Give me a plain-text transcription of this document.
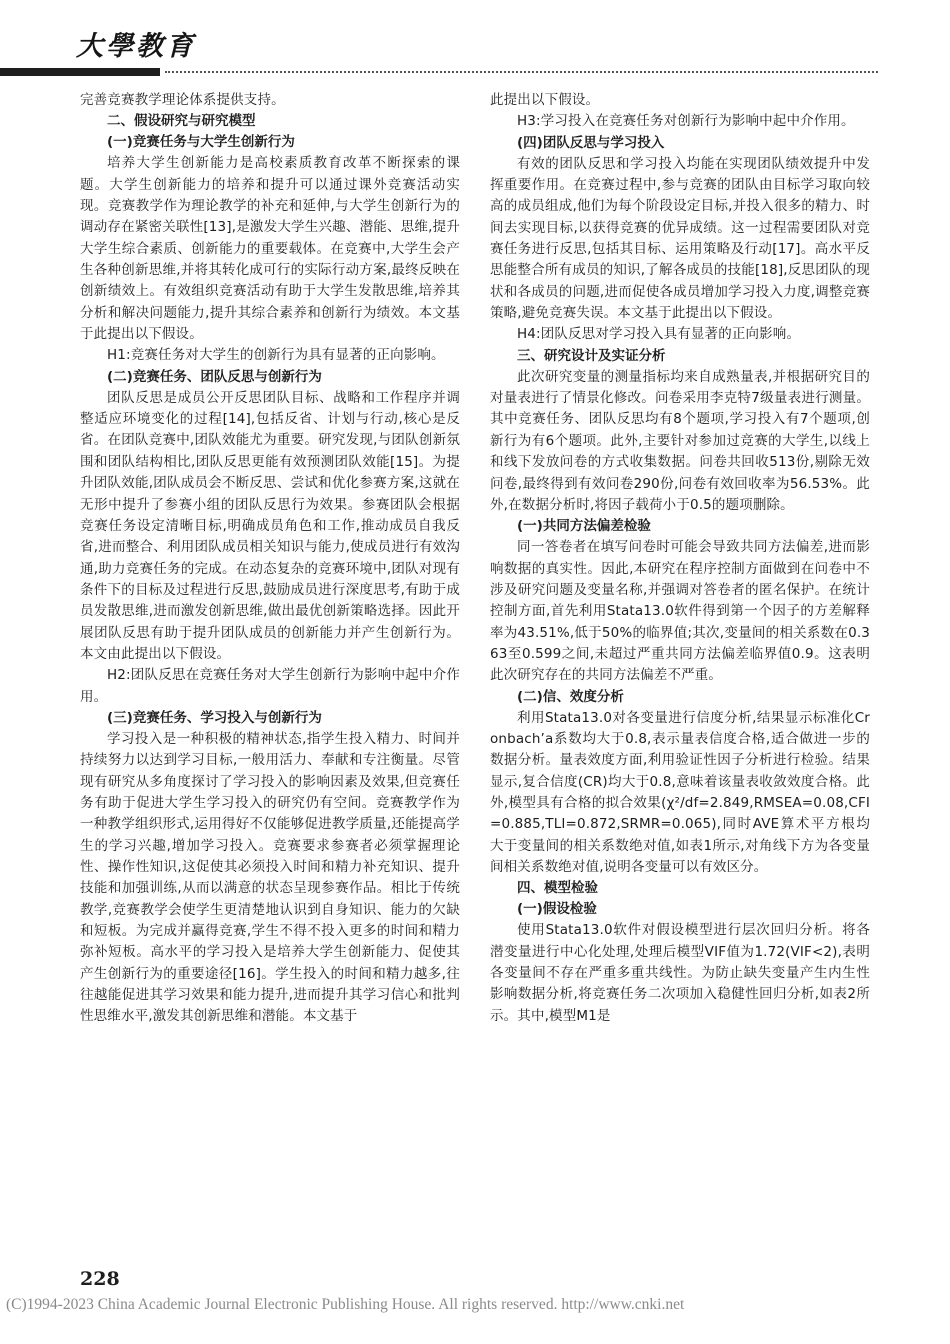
大學教育

完善竞赛教学理论体系提供支持。

二、假设研究与研究模型

(一)竞赛任务与大学生创新行为

培养大学生创新能力是高校素质教育改革不断探索的课题。大学生创新能力的培养和提升可以通过课外竞赛活动实现。竞赛教学作为理论教学的补充和延伸,与大学生创新行为的调动存在紧密关联性[13],是激发大学生兴趣、潜能、思维,提升大学生综合素质、创新能力的重要载体。在竞赛中,大学生会产生各种创新思维,并将其转化成可行的实际行动方案,最终反映在创新绩效上。有效组织竞赛活动有助于大学生发散思维,培养其分析和解决问题能力,提升其综合素养和创新行为绩效。本文基于此提出以下假设。

H1:竞赛任务对大学生的创新行为具有显著的正向影响。

(二)竞赛任务、团队反思与创新行为

团队反思是成员公开反思团队目标、战略和工作程序并调整适应环境变化的过程[14],包括反省、计划与行动,核心是反省。在团队竞赛中,团队效能尤为重要。研究发现,与团队创新氛围和团队结构相比,团队反思更能有效预测团队效能[15]。为提升团队效能,团队成员会不断反思、尝试和优化参赛方案,这就在无形中提升了参赛小组的团队反思行为效果。参赛团队会根据竞赛任务设定清晰目标,明确成员角色和工作,推动成员自我反省,进而整合、利用团队成员相关知识与能力,使成员进行有效沟通,助力竞赛任务的完成。在动态复杂的竞赛环境中,团队对现有条件下的目标及过程进行反思,鼓励成员进行深度思考,有助于成员发散思维,进而激发创新思维,做出最优创新策略选择。因此开展团队反思有助于提升团队成员的创新能力并产生创新行为。本文由此提出以下假设。

H2:团队反思在竞赛任务对大学生创新行为影响中起中介作用。

(三)竞赛任务、学习投入与创新行为

学习投入是一种积极的精神状态,指学生投入精力、时间并持续努力以达到学习目标,一般用活力、奉献和专注衡量。尽管现有研究从多角度探讨了学习投入的影响因素及效果,但竞赛任务有助于促进大学生学习投入的研究仍有空间。竞赛教学作为一种教学组织形式,运用得好不仅能够促进教学质量,还能提高学生的学习兴趣,增加学习投入。竞赛要求参赛者必须掌握理论性、操作性知识,这促使其必须投入时间和精力补充知识、提升技能和加强训练,从而以满意的状态呈现参赛作品。相比于传统教学,竞赛教学会使学生更清楚地认识到自身知识、能力的欠缺和短板。为完成并赢得竞赛,学生不得不投入更多的时间和精力弥补短板。高水平的学习投入是培养大学生创新能力、促使其产生创新行为的重要途径[16]。学生投入的时间和精力越多,往往越能促进其学习效果和能力提升,进而提升其学习信心和批判性思维水平,激发其创新思维和潜能。本文基于

此提出以下假设。

H3:学习投入在竞赛任务对创新行为影响中起中介作用。

(四)团队反思与学习投入

有效的团队反思和学习投入均能在实现团队绩效提升中发挥重要作用。在竞赛过程中,参与竞赛的团队由目标学习取向较高的成员组成,他们为每个阶段设定目标,并投入很多的精力、时间去实现目标,以获得竞赛的优异成绩。这一过程需要团队对竞赛任务进行反思,包括其目标、运用策略及行动[17]。高水平反思能整合所有成员的知识,了解各成员的技能[18],反思团队的现状和各成员的问题,进而促使各成员增加学习投入力度,调整竞赛策略,避免竞赛失误。本文基于此提出以下假设。

H4:团队反思对学习投入具有显著的正向影响。

三、研究设计及实证分析

此次研究变量的测量指标均来自成熟量表,并根据研究目的对量表进行了情景化修改。问卷采用李克特7级量表进行测量。其中竞赛任务、团队反思均有8个题项,学习投入有7个题项,创新行为有6个题项。此外,主要针对参加过竞赛的大学生,以线上和线下发放问卷的方式收集数据。问卷共回收513份,剔除无效问卷,最终得到有效问卷290份,问卷有效回收率为56.53%。此外,在数据分析时,将因子载荷小于0.5的题项删除。

(一)共同方法偏差检验

同一答卷者在填写问卷时可能会导致共同方法偏差,进而影响数据的真实性。因此,本研究在程序控制方面做到在问卷中不涉及研究问题及变量名称,并强调对答卷者的匿名保护。在统计控制方面,首先利用Stata13.0软件得到第一个因子的方差解释率为43.51%,低于50%的临界值;其次,变量间的相关系数在0.363至0.599之间,未超过严重共同方法偏差临界值0.9。这表明此次研究存在的共同方法偏差不严重。

(二)信、效度分析

利用Stata13.0对各变量进行信度分析,结果显示标准化Cronbach’a系数均大于0.8,表示量表信度合格,适合做进一步的数据分析。量表效度方面,利用验证性因子分析进行检验。结果显示,复合信度(CR)均大于0.8,意味着该量表收敛效度合格。此外,模型具有合格的拟合效果(χ²/df=2.849,RMSEA=0.08,CFI=0.885,TLI=0.872,SRMR=0.065),同时AVE算术平方根均大于变量间的相关系数绝对值,如表1所示,对角线下方为各变量间相关系数绝对值,说明各变量可以有效区分。

四、模型检验

(一)假设检验

使用Stata13.0软件对假设模型进行层次回归分析。将各潜变量进行中心化处理,处理后模型VIF值为1.72(VIF<2),表明各变量间不存在严重多重共线性。为防止缺失变量产生内生性影响数据分析,将竞赛任务二次项加入稳健性回归分析,如表2所示。其中,模型M1是

228

(C)1994-2023 China Academic Journal Electronic Publishing House. All rights reserved. http://www.cnki.net
